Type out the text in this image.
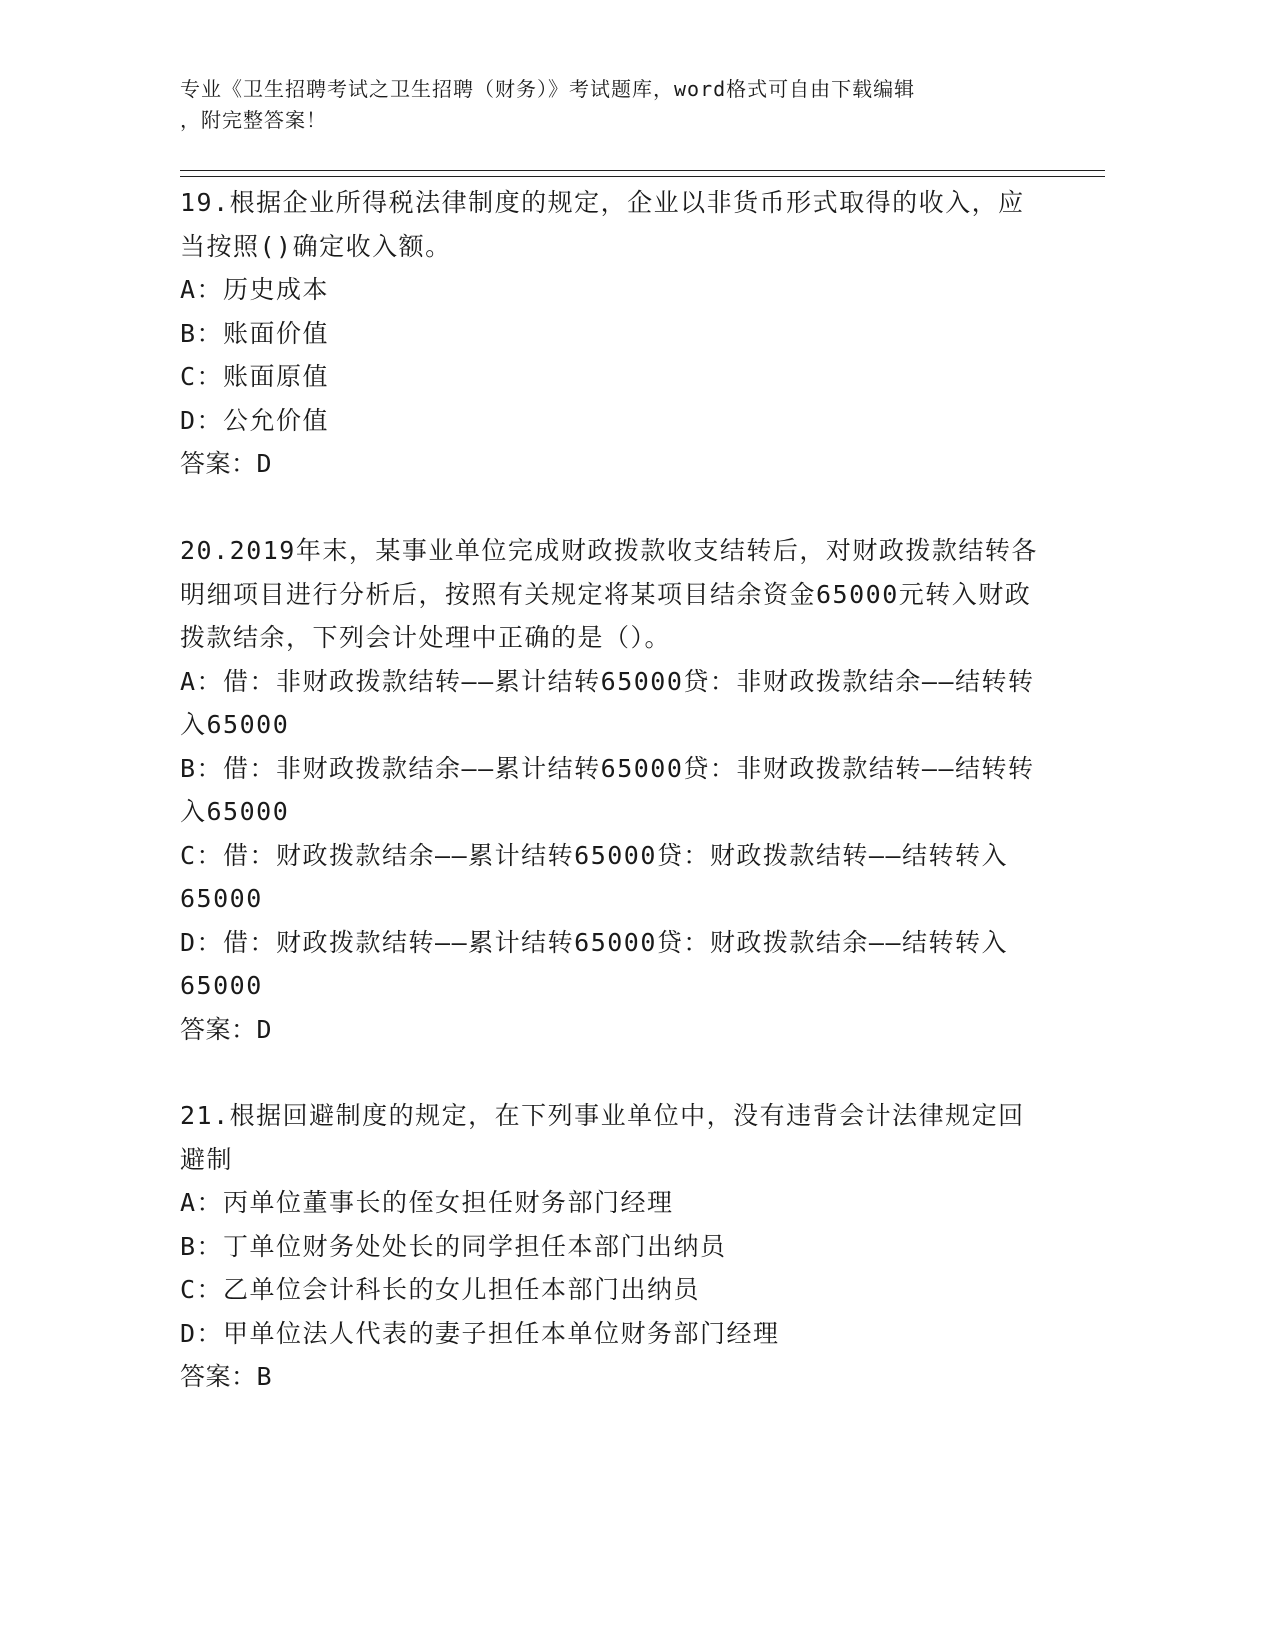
专业《卫生招聘考试之卫生招聘（财务）》考试题库，word格式可自由下载编辑
，附完整答案！

19.根据企业所得税法律制度的规定，企业以非货币形式取得的收入，应当按照()确定收入额。

A：历史成本

B：账面价值

C：账面原值

D：公允价值

答案：D

20.2019年末，某事业单位完成财政拨款收支结转后，对财政拨款结转各明细项目进行分析后，按照有关规定将某项目结余资金65000元转入财政拨款结余，下列会计处理中正确的是（）。

A：借：非财政拨款结转——累计结转65000贷：非财政拨款结余——结转转入65000

B：借：非财政拨款结余——累计结转65000贷：非财政拨款结转——结转转入65000

C：借：财政拨款结余——累计结转65000贷：财政拨款结转——结转转入65000

D：借：财政拨款结转——累计结转65000贷：财政拨款结余——结转转入65000

答案：D

21.根据回避制度的规定，在下列事业单位中，没有违背会计法律规定回避制

A：丙单位董事长的侄女担任财务部门经理

B：丁单位财务处处长的同学担任本部门出纳员

C：乙单位会计科长的女儿担任本部门出纳员

D：甲单位法人代表的妻子担任本单位财务部门经理

答案：B
